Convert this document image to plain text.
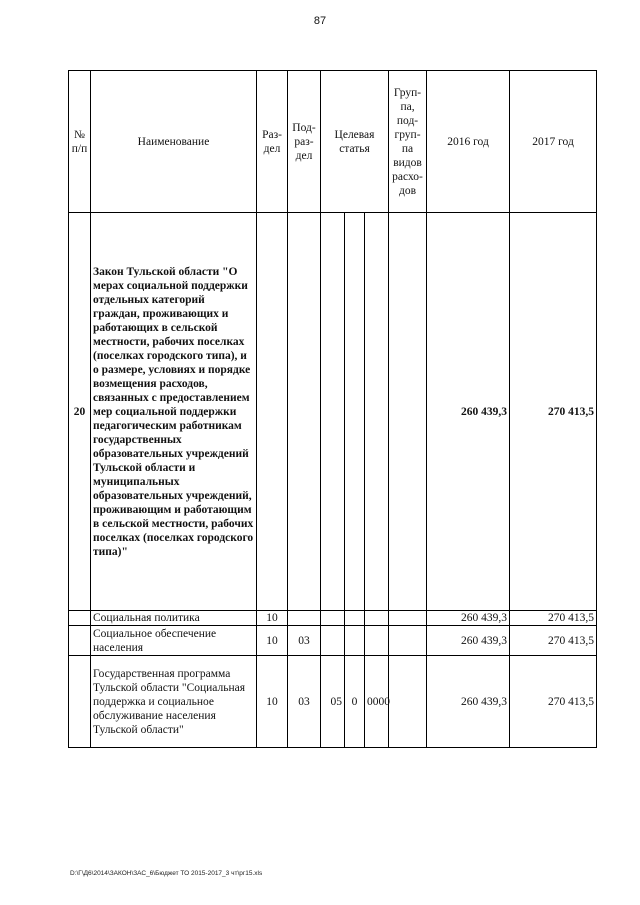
87
№ п/п	Наименование	Раз-дел	Под-раз-дел	Целевая статья			Груп-па, под-груп-па видов расхо-дов	2016 год	2017 год
20	Закон Тульской области "О мерах социальной поддержки отдельных категорий граждан, проживающих и работающих в сельской местности, рабочих поселках (поселках городского типа), и о размере, условиях и порядке возмещения расходов, связанных с предоставлением мер социальной поддержки педагогическим работникам государственных образовательных учреждений Тульской области и муниципальных образовательных учреждений, проживающим и работающим в сельской местности, рабочих поселках (поселках городского типа)"							260 439,3	270 413,5
	Социальная политика	10						260 439,3	270 413,5
	Социальное обеспечение населения	10	03					260 439,3	270 413,5
	Государственная программа Тульской области "Социальная поддержка и социальное обслуживание населения Тульской области"	10	03	05	0	0000		260 439,3	270 413,5
D:\Г\Д6\2014\ЗАКОН\ЗАС_6\Бюджет ТО 2015-2017_3 чт\рг15.xls
